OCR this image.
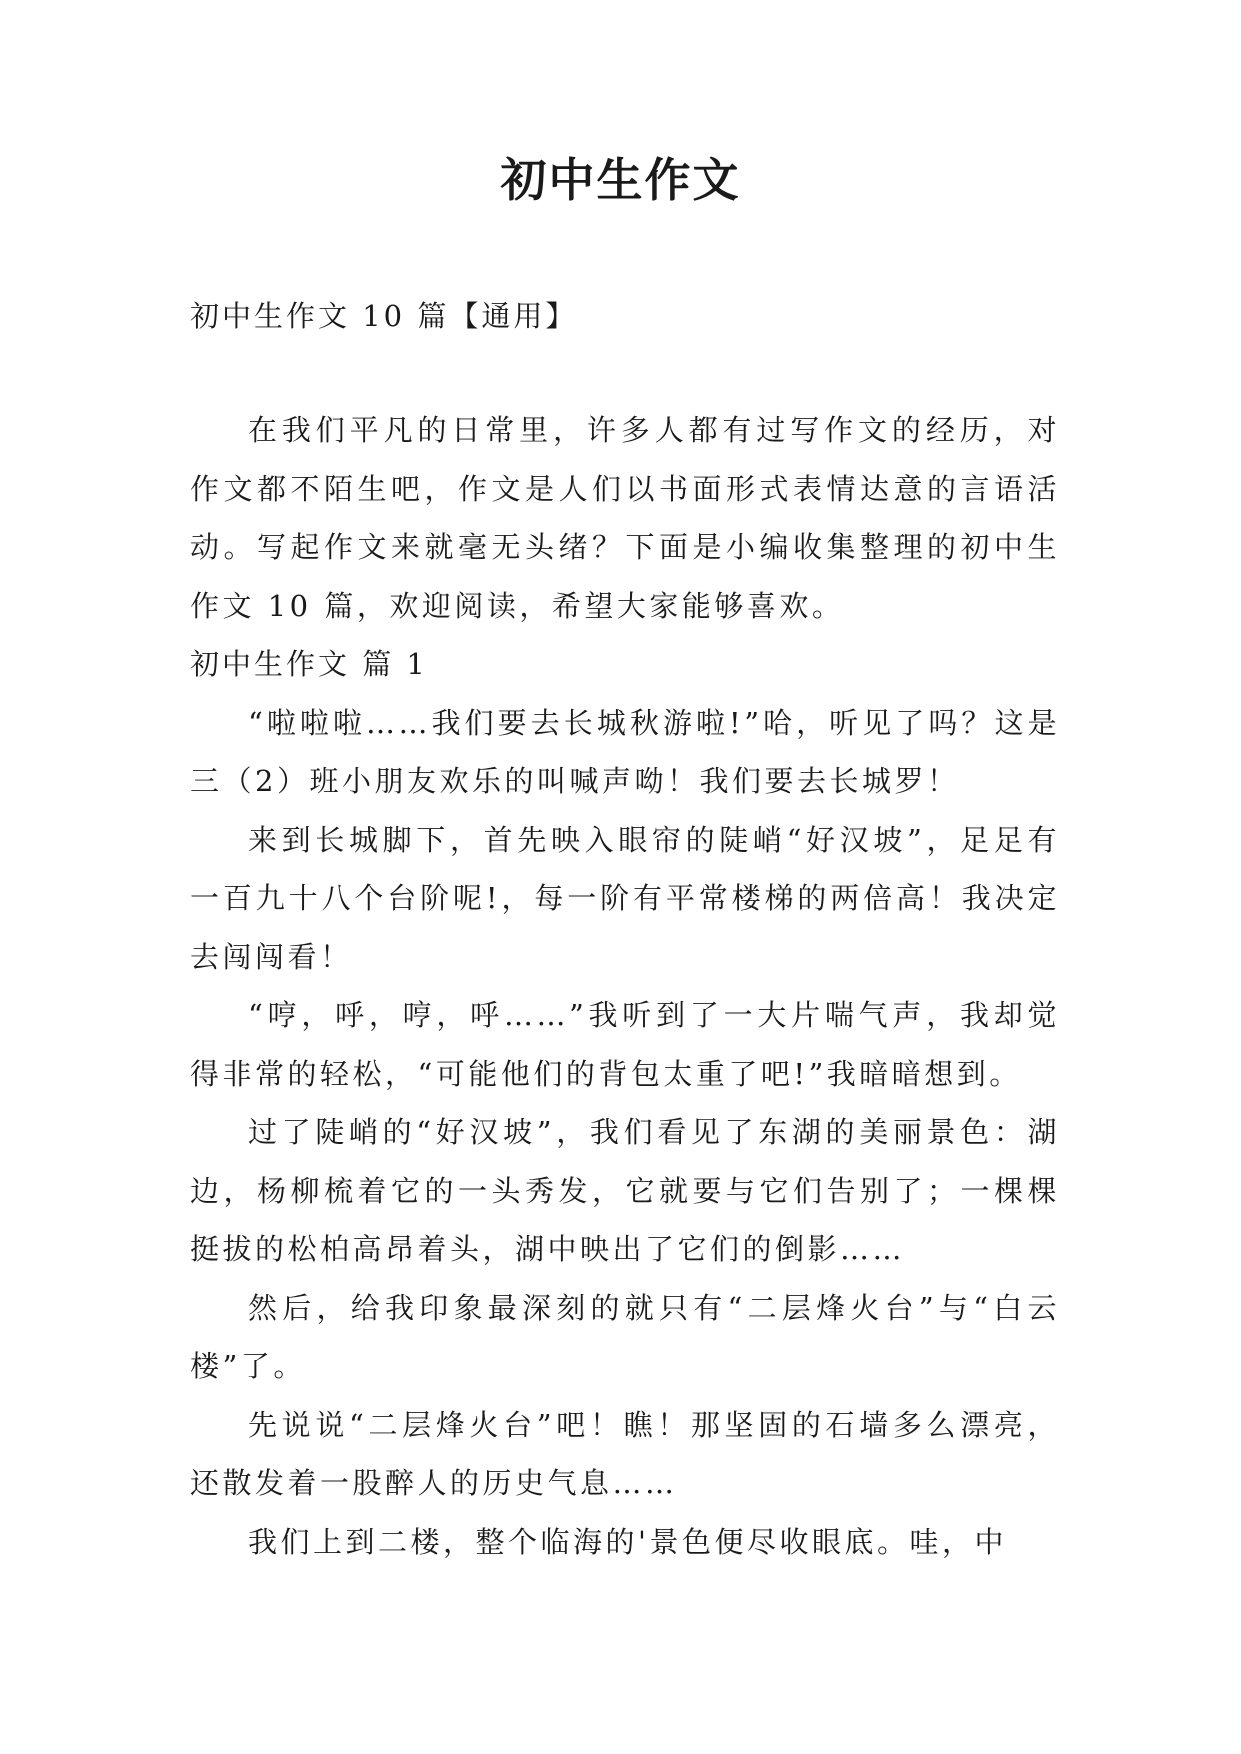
初中生作文

初中生作文 10 篇【通用】

在我们平凡的日常里，许多人都有过写作文的经历，对作文都不陌生吧，作文是人们以书面形式表情达意的言语活动。写起作文来就毫无头绪？下面是小编收集整理的初中生作文 10 篇，欢迎阅读，希望大家能够喜欢。

初中生作文 篇 1

“啦啦啦……我们要去长城秋游啦!”哈，听见了吗？这是三（2）班小朋友欢乐的叫喊声呦！我们要去长城罗！

来到长城脚下，首先映入眼帘的陡峭“好汉坡”，足足有一百九十八个台阶呢!，每一阶有平常楼梯的两倍高！我决定去闯闯看！

“哼，呼，哼，呼……”我听到了一大片喘气声，我却觉得非常的轻松，“可能他们的背包太重了吧!”我暗暗想到。

过了陡峭的“好汉坡”，我们看见了东湖的美丽景色：湖边，杨柳梳着它的一头秀发，它就要与它们告别了；一棵棵挺拔的松柏高昂着头，湖中映出了它们的倒影……

然后，给我印象最深刻的就只有“二层烽火台”与“白云楼”了。

先说说“二层烽火台”吧！瞧！那坚固的石墙多么漂亮，还散发着一股醉人的历史气息……

我们上到二楼，整个临海的'景色便尽收眼底。哇，中
